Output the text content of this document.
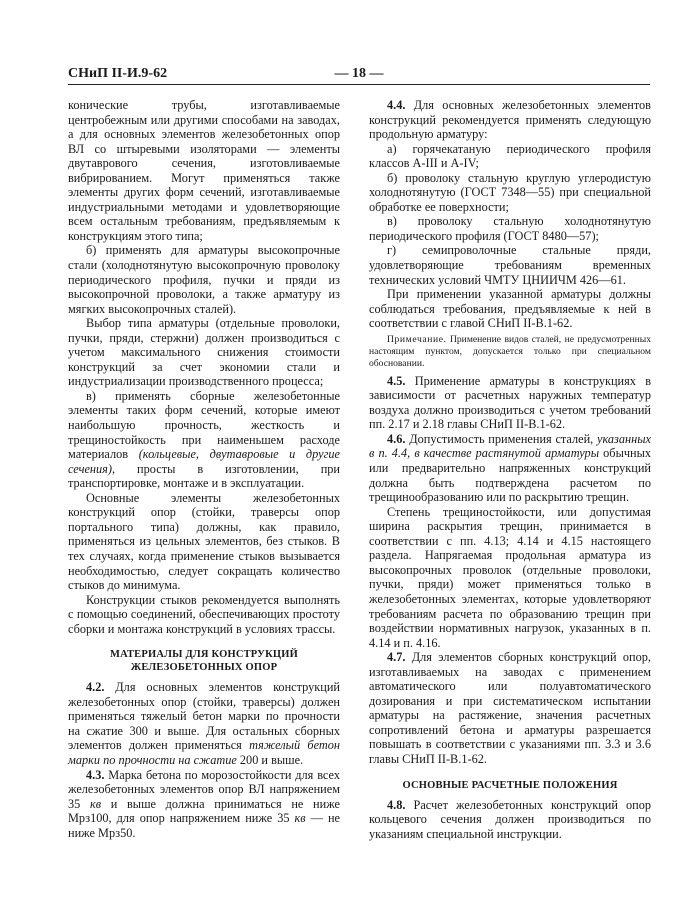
СНиП II-И.9-62	— 18 —

конические трубы, изготавливаемые центробежным или другими способами на заводах, а для основных элементов железобетонных опор ВЛ со штыревыми изоляторами — элементы двутаврового сечения, изготовливаемые вибрированием. Могут применяться также элементы других форм сечений, изготавливаемые индустриальными методами и удовлетворяющие всем остальным требованиям, предъявляемым к конструкциям этого типа;

б) применять для арматуры высокопрочные стали (холоднотянутую высокопрочную проволоку периодического профиля, пучки и пряди из высокопрочной проволоки, а также арматуру из мягких высокопрочных сталей).

Выбор типа арматуры (отдельные проволоки, пучки, пряди, стержни) должен производиться с учетом максимального снижения стоимости конструкций за счет экономии стали и индустриализации производственного процесса;

в) применять сборные железобетонные элементы таких форм сечений, которые имеют наибольшую прочность, жесткость и трещиностойкость при наименьшем расходе материалов (кольцевые, двутавровые и другие сечения), просты в изготовлении, при транспортировке, монтаже и в эксплуатации.

Основные элементы железобетонных конструкций опор (стойки, траверсы опор портального типа) должны, как правило, применяться из цельных элементов, без стыков. В тех случаях, когда применение стыков вызывается необходимостью, следует сокращать количество стыков до минимума.

Конструкции стыков рекомендуется выполнять с помощью соединений, обеспечивающих простоту сборки и монтажа конструкций в условиях трассы.

МАТЕРИАЛЫ ДЛЯ КОНСТРУКЦИЙ
ЖЕЛЕЗОБЕТОННЫХ ОПОР

4.2. Для основных элементов конструкций железобетонных опор (стойки, траверсы) должен применяться тяжелый бетон марки по прочности на сжатие 300 и выше. Для остальных сборных элементов должен применяться тяжелый бетон марки по прочности на сжатие 200 и выше.

4.3. Марка бетона по морозостойкости для всех железобетонных элементов опор ВЛ напряжением 35 кв и выше должна приниматься не ниже Мрз100, для опор напряжением ниже 35 кв — не ниже Мрз50.

4.4. Для основных железобетонных элементов конструкций рекомендуется применять следующую продольную арматуру:

а) горячекатаную периодического профиля классов А-III и А-IV;

б) проволоку стальную круглую углеродистую холоднотянутую (ГОСТ 7348—55) при специальной обработке ее поверхности;

в) проволоку стальную холоднотянутую периодического профиля (ГОСТ 8480—57);

г) семипроволочные стальные пряди, удовлетворяющие требованиям временных технических условий ЧМТУ ЦНИИЧМ 426—61.

При применении указанной арматуры должны соблюдаться требования, предъявляемые к ней в соответствии с главой СНиП II-В.1-62.

Примечание. Применение видов сталей, не предусмотренных настоящим пунктом, допускается только при специальном обосновании.

4.5. Применение арматуры в конструкциях в зависимости от расчетных наружных температур воздуха должно производиться с учетом требований пп. 2.17 и 2.18 главы СНиП II-В.1-62.

4.6. Допустимость применения сталей, указанных в п. 4.4, в качестве растянутой арматуры обычных или предварительно напряженных конструкций должна быть подтверждена расчетом по трещинообразованию или по раскрытию трещин.

Степень трещиностойкости, или допустимая ширина раскрытия трещин, принимается в соответствии с пп. 4.13; 4.14 и 4.15 настоящего раздела. Напрягаемая продольная арматура из высокопрочных проволок (отдельные проволоки, пучки, пряди) может применяться только в железобетонных элементах, которые удовлетворяют требованиям расчета по образованию трещин при воздействии нормативных нагрузок, указанных в п. 4.14 и п. 4.16.

4.7. Для элементов сборных конструкций опор, изготавливаемых на заводах с применением автоматического или полуавтоматического дозирования и при систематическом испытании арматуры на растяжение, значения расчетных сопротивлений бетона и арматуры разрешается повышать в соответствии с указаниями пп. 3.3 и 3.6 главы СНиП II-В.1-62.

ОСНОВНЫЕ РАСЧЕТНЫЕ ПОЛОЖЕНИЯ

4.8. Расчет железобетонных конструкций опор кольцевого сечения должен производиться по указаниям специальной инструкции.
